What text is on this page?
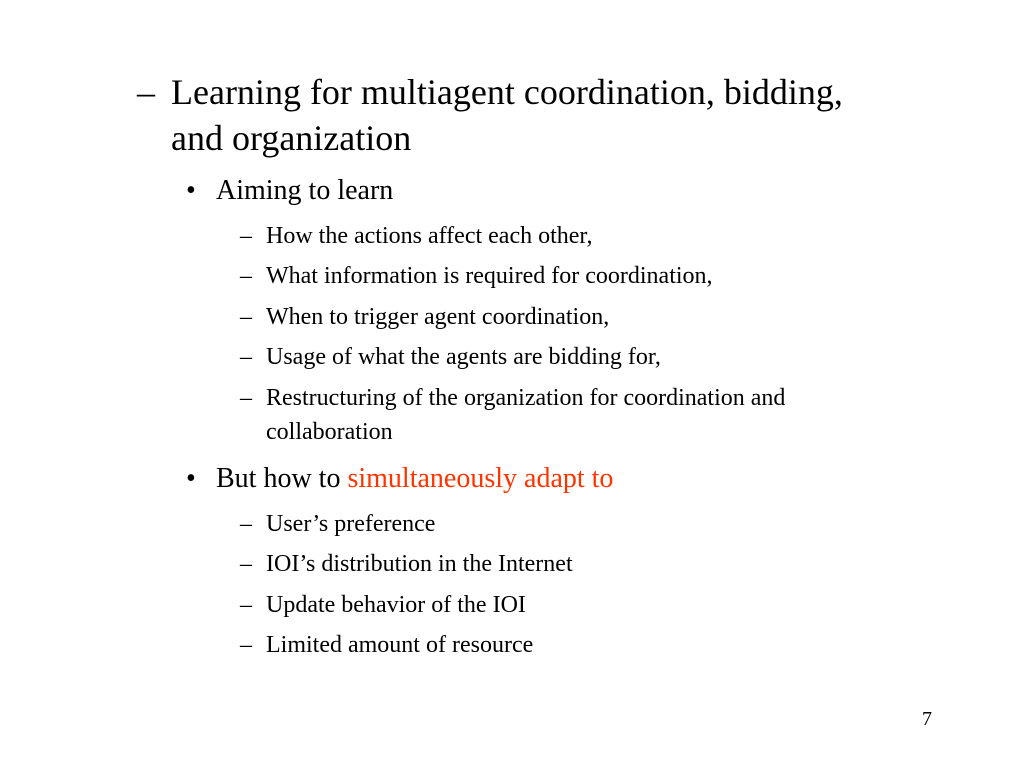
– Learning for multiagent coordination, bidding,
and organization
• Aiming to learn
– How the actions affect each other,
– What information is required for coordination,
– When to trigger agent coordination,
– Usage of what the agents are bidding for,
– Restructuring of the organization for coordination and
collaboration
• But how to simultaneously adapt to
– User’s preference
– IOI’s distribution in the Internet
– Update behavior of the IOI
– Limited amount of resource
7
